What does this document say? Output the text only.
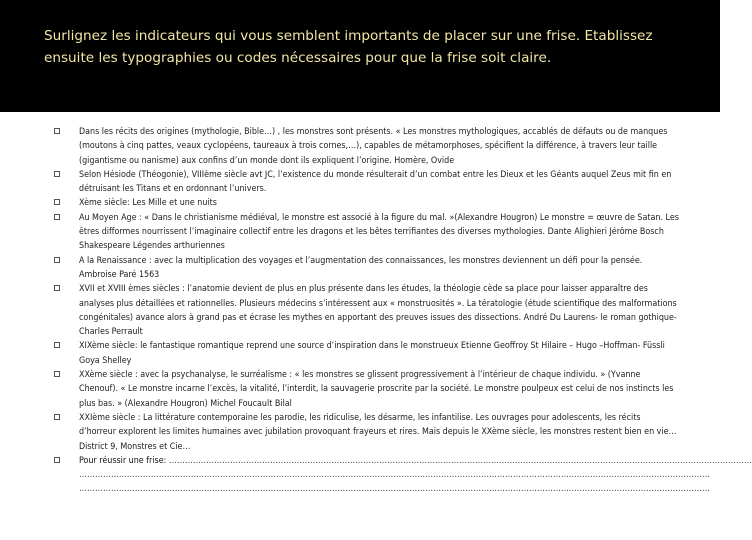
Surlignez les indicateurs qui vous semblent importants de placer sur une frise. Etablissez ensuite les typographies ou codes nécessaires pour que la frise soit claire.
Dans les récits des origines (mythologie, Bible…) , les monstres sont présents. « Les monstres mythologiques, accablés de défauts ou de manques (moutons à cinq pattes, veaux cyclopéens, taureaux à trois cornes,…), capables de métamorphoses, spécifient la différence, à travers leur taille (gigantisme ou nanisme) aux confins d’un monde dont ils expliquent l’origine. Homère, Ovide
Selon Hésiode (Théogonie), VIIIème siècle avt JC, l’existence du monde résulterait d’un combat entre les Dieux et les Géants auquel Zeus mit fin en détruisant les Titans et en ordonnant l’univers.
Xème siècle: Les Mille et une nuits
Au Moyen Age : « Dans le christianisme médiéval, le monstre est associé à la figure du mal. »(Alexandre Hougron) Le monstre = œuvre de Satan. Les êtres difformes nourrissent l’imaginaire collectif entre les dragons et les bêtes terrifiantes des diverses mythologies. Dante Alighieri Jérôme Bosch Shakespeare Légendes arthuriennes
A la Renaissance : avec la multiplication des voyages et l’augmentation des connaissances, les monstres deviennent un défi pour la pensée. Ambroise Paré 1563
XVII et XVIII èmes siècles : l’anatomie devient de plus en plus présente dans les études, la théologie cède sa place pour laisser apparaître des analyses plus détaillées et rationnelles. Plusieurs médecins s’intéressent aux « monstruosités ». La tératologie (étude scientifique des malformations congénitales) avance alors à grand pas et écrase les mythes en apportant des preuves issues des dissections. André Du Laurens- le roman gothique- Charles Perrault
XIXème siècle: le fantastique romantique reprend une source d’inspiration dans le monstrueux Etienne Geoffroy St Hilaire – Hugo –Hoffman- Füssli Goya Shelley
XXème siècle : avec la psychanalyse, le surréalisme : « les monstres se glissent progressivement à l’intérieur de chaque individu. » (Yvanne Chenouf). « Le monstre incarne l’excès, la vitalité, l’interdit, la sauvagerie proscrite par la société. Le monstre poulpeux est celui de nos instincts les plus bas. » (Alexandre Hougron) Michel Foucault Bilal
XXIème siècle : La littérature contemporaine les parodie, les ridiculise, les désarme, les infantilise. Les ouvrages pour adolescents, les récits d’horreur explorent les limites humaines avec jubilation provoquant frayeurs et rires. Mais depuis le XXème siècle, les monstres restent bien en vie… District 9, Monstres et Cie…
Pour réussir une frise: …………………………………………………………………………………………………………………………………………………………………………………………………
…………………………………………………………………………………………………………………………………………………………………………………………………………………
…………………………………………………………………………………………………………………………………………………………………………………………………………………
